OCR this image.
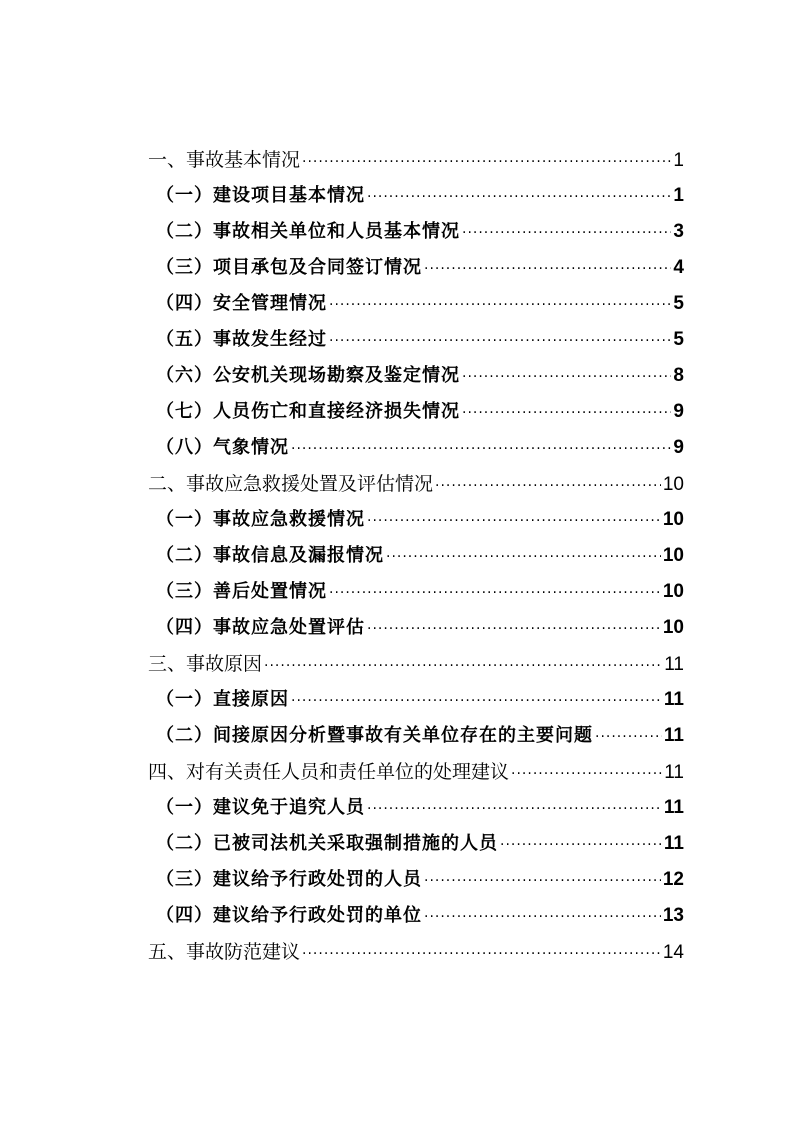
一、事故基本情况 ·····	1
（一）建设项目基本情况 ·····	1
（二）事故相关单位和人员基本情况 ·····	3
（三）项目承包及合同签订情况 ·····	4
（四）安全管理情况 ·····	5
（五）事故发生经过 ·····	5
（六）公安机关现场勘察及鉴定情况 ·····	8
（七）人员伤亡和直接经济损失情况 ·····	9
（八）气象情况 ·····	9
二、事故应急救援处置及评估情况 ·····	10
（一）事故应急救援情况 ·····	10
（二）事故信息及漏报情况 ·····	10
（三）善后处置情况 ·····	10
（四）事故应急处置评估 ·····	10
三、事故原因 ·····	11
（一）直接原因 ·····	11
（二）间接原因分析暨事故有关单位存在的主要问题 ·····	11
四、对有关责任人员和责任单位的处理建议 ·····	11
（一）建议免于追究人员 ·····	11
（二）已被司法机关采取强制措施的人员 ·····	11
（三）建议给予行政处罚的人员 ·····	12
（四）建议给予行政处罚的单位 ·····	13
五、事故防范建议 ·····	14
